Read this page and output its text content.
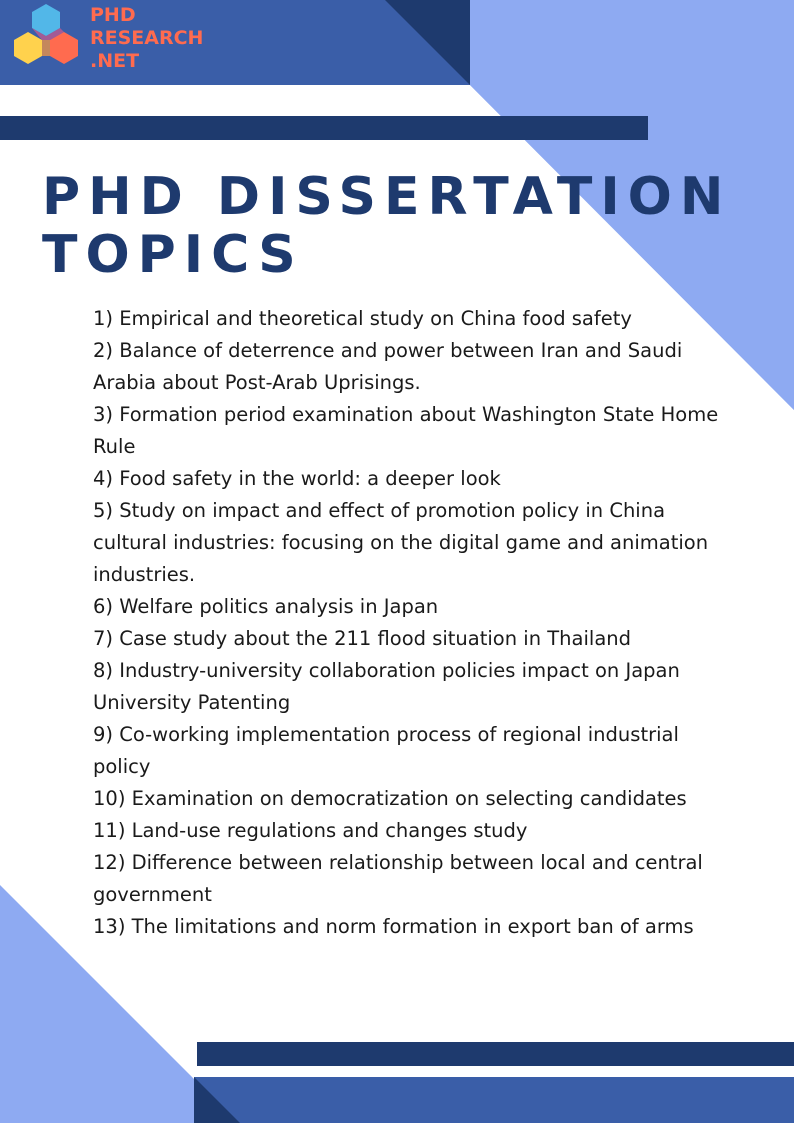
PHD
RESEARCH
.NET
PHD DISSERTATION
TOPICS
1) Empirical and theoretical study on China food safety
2) Balance of deterrence and power between Iran and Saudi Arabia about Post-Arab Uprisings.
3) Formation period examination about Washington State Home Rule
4) Food safety in the world: a deeper look
5) Study on impact and effect of promotion policy in China cultural industries: focusing on the digital game and animation industries.
6) Welfare politics analysis in Japan
7) Case study about the 211 flood situation in Thailand
8) Industry-university collaboration policies impact on Japan University Patenting
9) Co-working implementation process of regional industrial policy
10) Examination on democratization on selecting candidates
11) Land-use regulations and changes study
12) Difference between relationship between local and central government
13) The limitations and norm formation in export ban of arms
